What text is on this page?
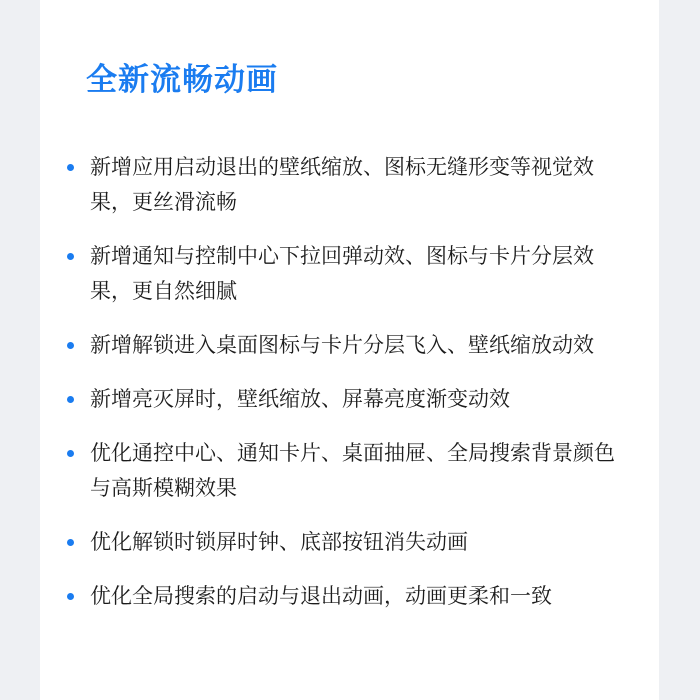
全新流畅动画
新增应用启动退出的壁纸缩放、图标无缝形变等视觉效果，更丝滑流畅
新增通知与控制中心下拉回弹动效、图标与卡片分层效果，更自然细腻
新增解锁进入桌面图标与卡片分层飞入、壁纸缩放动效
新增亮灭屏时，壁纸缩放、屏幕亮度渐变动效
优化通控中心、通知卡片、桌面抽屉、全局搜索背景颜色与高斯模糊效果
优化解锁时锁屏时钟、底部按钮消失动画
优化全局搜索的启动与退出动画，动画更柔和一致
